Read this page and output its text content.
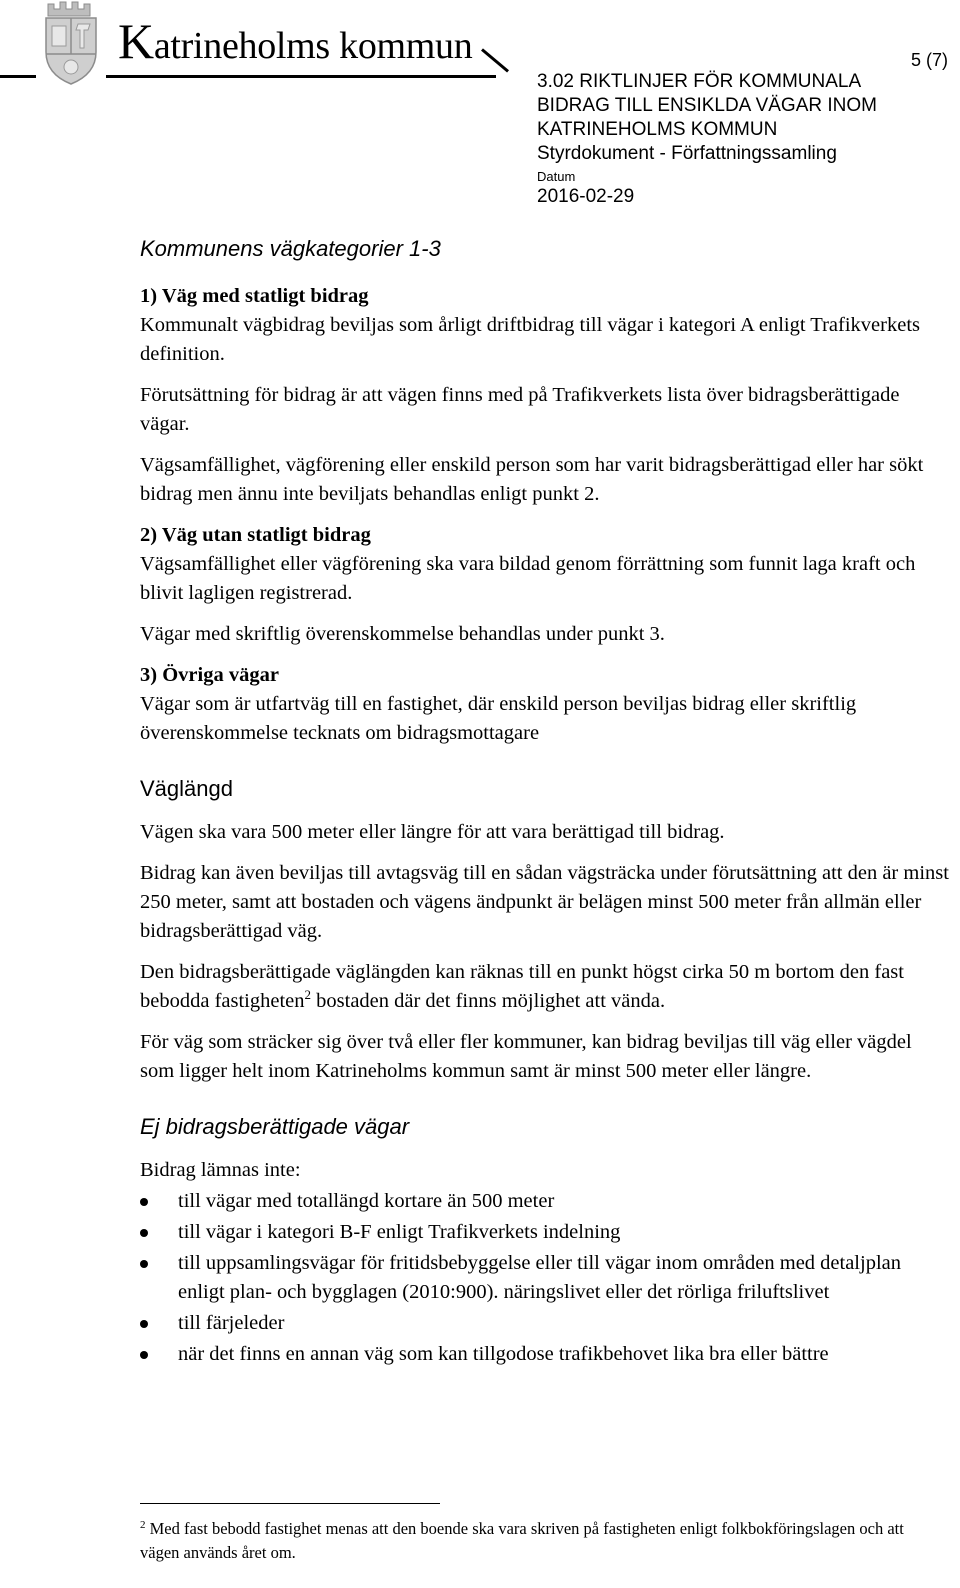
Katrineholms kommun	5 (7)
3.02 RIKTLINJER FÖR KOMMUNALA
BIDRAG TILL ENSIKLDA VÄGAR INOM
KATRINEHOLMS KOMMUN
Styrdokument - Författningssamling
Datum
2016-02-29
Kommunens vägkategorier 1-3

1) Väg med statligt bidrag
Kommunalt vägbidrag beviljas som årligt driftbidrag till vägar i kategori A enligt Trafikverkets definition.

Förutsättning för bidrag är att vägen finns med på Trafikverkets lista över bidragsberättigade vägar.

Vägsamfällighet, vägförening eller enskild person som har varit bidragsberättigad eller har sökt bidrag men ännu inte beviljats behandlas enligt punkt 2.

2) Väg utan statligt bidrag
Vägsamfällighet eller vägförening ska vara bildad genom förrättning som funnit laga kraft och blivit lagligen registrerad.

Vägar med skriftlig överenskommelse behandlas under punkt 3.

3) Övriga vägar
Vägar som är utfartväg till en fastighet, där enskild person beviljas bidrag eller skriftlig överenskommelse tecknats om bidragsmottagare

Väglängd

Vägen ska vara 500 meter eller längre för att vara berättigad till bidrag.

Bidrag kan även beviljas till avtagsväg till en sådan vägsträcka under förutsättning att den är minst 250 meter, samt att bostaden och vägens ändpunkt är belägen minst 500 meter från allmän eller bidragsberättigad väg.

Den bidragsberättigade väglängden kan räknas till en punkt högst cirka 50 m bortom den fast bebodda fastigheten$^2$ bostaden där det finns möjlighet att vända.

För väg som sträcker sig över två eller fler kommuner, kan bidrag beviljas till väg eller vägdel som ligger helt inom Katrineholms kommun samt är minst 500 meter eller längre.

Ej bidragsberättigade vägar

Bidrag lämnas inte:

till vägar med totallängd kortare än 500 meter
till vägar i kategori B-F enligt Trafikverkets indelning
till uppsamlingsvägar för fritidsbebyggelse eller till vägar inom områden med detaljplan enligt plan- och bygglagen (2010:900). näringslivet eller det rörliga friluftslivet
till färjeleder
när det finns en annan väg som kan tillgodose trafikbehovet lika bra eller bättre
$^2$ Med fast bebodd fastighet menas att den boende ska vara skriven på fastigheten enligt folkbokföringslagen och att vägen används året om.
